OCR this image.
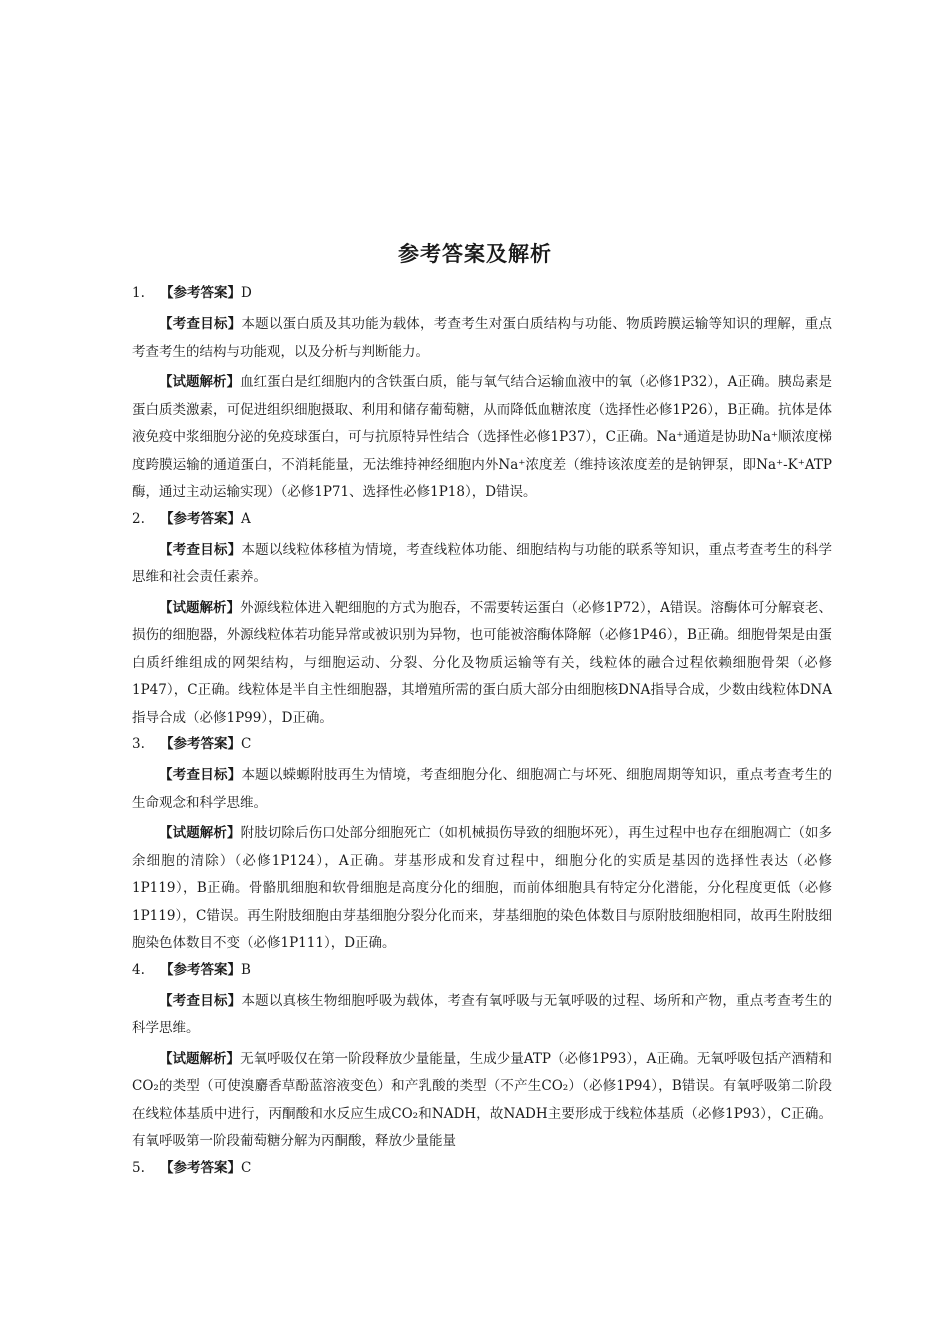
参考答案及解析
1. 【参考答案】D

【考查目标】本题以蛋白质及其功能为载体，考查考生对蛋白质结构与功能、物质跨膜运输等知识的理解，重点考查考生的结构与功能观，以及分析与判断能力。

【试题解析】血红蛋白是红细胞内的含铁蛋白质，能与氧气结合运输血液中的氧（必修1P32），A正确。胰岛素是蛋白质类激素，可促进组织细胞摄取、利用和储存葡萄糖，从而降低血糖浓度（选择性必修1P26），B正确。抗体是体液免疫中浆细胞分泌的免疫球蛋白，可与抗原特异性结合（选择性必修1P37），C正确。Na⁺通道是协助Na⁺顺浓度梯度跨膜运输的通道蛋白，不消耗能量，无法维持神经细胞内外Na⁺浓度差（维持该浓度差的是钠钾泵，即Na⁺-K⁺ATP酶，通过主动运输实现）（必修1P71、选择性必修1P18），D错误。

2. 【参考答案】A

【考查目标】本题以线粒体移植为情境，考查线粒体功能、细胞结构与功能的联系等知识，重点考查考生的科学思维和社会责任素养。

【试题解析】外源线粒体进入靶细胞的方式为胞吞，不需要转运蛋白（必修1P72），A错误。溶酶体可分解衰老、损伤的细胞器，外源线粒体若功能异常或被识别为异物，也可能被溶酶体降解（必修1P46），B正确。细胞骨架是由蛋白质纤维组成的网架结构，与细胞运动、分裂、分化及物质运输等有关，线粒体的融合过程依赖细胞骨架（必修1P47），C正确。线粒体是半自主性细胞器，其增殖所需的蛋白质大部分由细胞核DNA指导合成，少数由线粒体DNA指导合成（必修1P99），D正确。

3. 【参考答案】C

【考查目标】本题以蝾螈附肢再生为情境，考查细胞分化、细胞凋亡与坏死、细胞周期等知识，重点考查考生的生命观念和科学思维。

【试题解析】附肢切除后伤口处部分细胞死亡（如机械损伤导致的细胞坏死），再生过程中也存在细胞凋亡（如多余细胞的清除）（必修1P124），A正确。芽基形成和发育过程中，细胞分化的实质是基因的选择性表达（必修1P119），B正确。骨骼肌细胞和软骨细胞是高度分化的细胞，而前体细胞具有特定分化潜能，分化程度更低（必修1P119），C错误。再生附肢细胞由芽基细胞分裂分化而来，芽基细胞的染色体数目与原附肢细胞相同，故再生附肢细胞染色体数目不变（必修1P111），D正确。

4. 【参考答案】B

【考查目标】本题以真核生物细胞呼吸为载体，考查有氧呼吸与无氧呼吸的过程、场所和产物，重点考查考生的科学思维。

【试题解析】无氧呼吸仅在第一阶段释放少量能量，生成少量ATP（必修1P93），A正确。无氧呼吸包括产酒精和CO₂的类型（可使溴麝香草酚蓝溶液变色）和产乳酸的类型（不产生CO₂）（必修1P94），B错误。有氧呼吸第二阶段在线粒体基质中进行，丙酮酸和水反应生成CO₂和NADH，故NADH主要形成于线粒体基质（必修1P93），C正确。有氧呼吸第一阶段葡萄糖分解为丙酮酸，释放少量能量

5. 【参考答案】C
